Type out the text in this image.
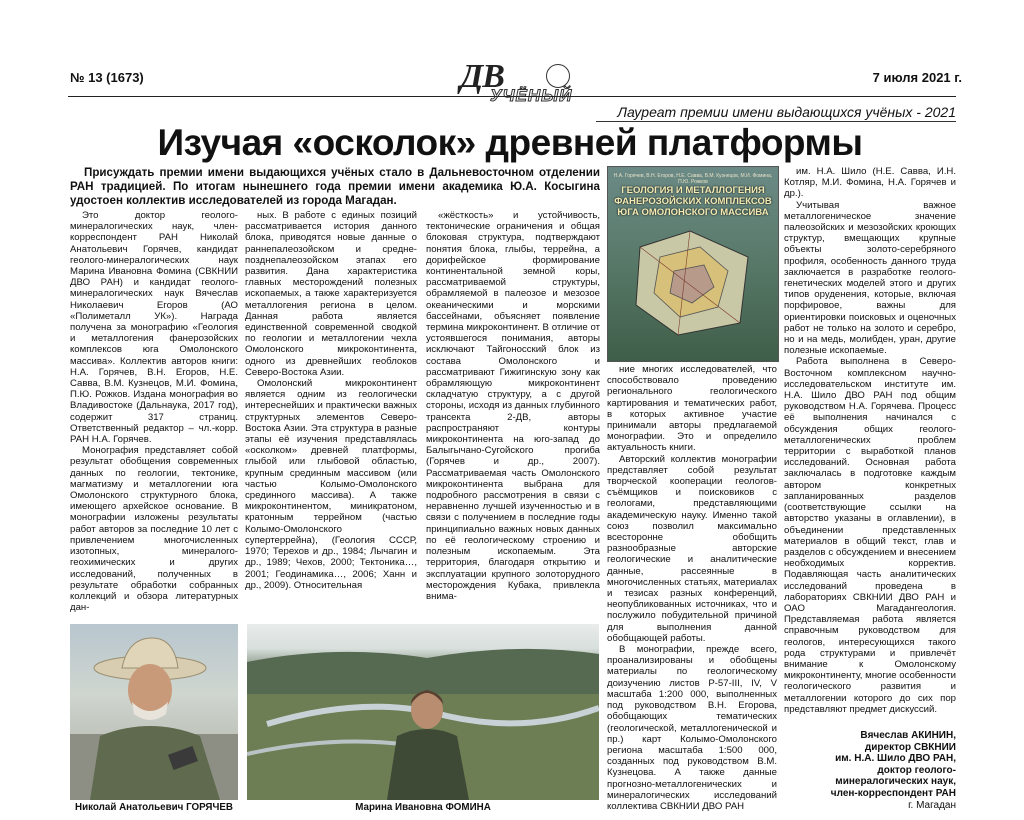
№ 13 (1673)	ДВ
УЧЁНЫЙ
7 июля 2021 г.
Лауреат премии имени выдающихся учёных - 2021
Изучая «осколок» древней платформы
Присуждать премии имени выдающихся учёных стало в Дальневосточном отделении РАН традицией. По итогам нынешнего года премии имени академика Ю.А. Косыгина удостоен коллектив исследователей из города Магадан.

Это доктор геолого-минералогических наук, член-корреспондент РАН Николай Анатольевич Горячев, кандидат геолого-минералогических наук Марина Ивановна Фомина (СВКНИИ ДВО РАН) и кандидат геолого-минералогических наук Вячеслав Николаевич Егоров (АО «Полиметалл УК»). Награда получена за монографию «Геология и металлогения фанерозойских комплексов юга Омолонского массива». Коллектив авторов книги: Н.А. Горячев, В.Н. Егоров, Н.Е. Савва, В.М. Кузнецов, М.И. Фомина, П.Ю. Рожков. Издана монография во Владивостоке (Дальнаука, 2017 год), содержит 317 страниц. Ответственный редактор – чл.-корр. РАН Н.А. Горячев.

Монография представляет собой результат обобщения современных данных по геологии, тектонике, магматизму и металлогении юга Омолонского структурного блока, имеющего архейское основание. В монографии изложены результаты работ авторов за последние 10 лет с привлечением многочисленных изотопных, минералого-геохимических и других исследований, полученных в результате обработки собранных коллекций и обзора литературных дан-

ных. В работе с единых позиций рассматривается история данного блока, приводятся новые данные о раннепалеозойском и средне-позднепалеозойском этапах его развития. Дана характеристика главных месторождений полезных ископаемых, а также характеризуется металлогения региона в целом. Данная работа является единственной современной сводкой по геологии и металлогении чехла Омолонского микроконтинента, одного из древнейших геоблоков Северо-Востока Азии.

Омолонский микроконтинент является одним из геологически интереснейших и практически важных структурных элементов Северо-Востока Азии. Эта структура в разные этапы её изучения представлялась «осколком» древней платформы, глыбой или глыбовой областью, крупным срединным массивом (или частью Колымо-Омолонского срединного массива). А также микроконтинентом, миникратоном, кратонным террейном (частью Колымо-Омолонского супертеррейна), (Геология СССР, 1970; Терехов и др., 1984; Лычагин и др., 1989; Чехов, 2000; Тектоника…, 2001; Геодинамика…, 2006; Ханн и др., 2009). Относительная

«жёсткость» и устойчивость, тектонические ограничения и общая блоковая структура, подтверждают понятия блока, глыбы, террейна, а дорифейское формирование континентальной земной коры, рассматриваемой структуры, обрамляемой в палеозое и мезозое океаническими и морскими бассейнами, объясняет появление термина микроконтинент. В отличие от устоявшегося понимания, авторы исключают Тайгоносский блок из состава Омолонского и рассматривают Гижигинскую зону как обрамляющую микроконтинент складчатую структуру, а с другой стороны, исходя из данных глубинного трансекта 2-ДВ, авторы распространяют контуры микроконтинента на юго-запад до Балыгычано-Сугойского прогиба (Горячев и др., 2007). Рассматриваемая часть Омолонского микроконтинента выбрана для подробного рассмотрения в связи с неравненно лучшей изученностью и в связи с получением в последние годы принципиально важных новых данных по её геологическому строению и полезным ископаемым. Эта территория, благодаря открытию и эксплуатации крупного золоторудного месторождения Кубака, привлекла внима-

Н.А. Горячев, В.Н. Егоров, Н.Е. Савва, В.М. Кузнецов, М.И. Фомина, П.Ю. Рожков
ГЕОЛОГИЯ И МЕТАЛЛОГЕНИЯ ФАНЕРОЗОЙСКИХ КОМПЛЕКСОВ ЮГА ОМОЛОНСКОГО МАССИВА

ние многих исследователей, что способствовало проведению регионального геологического картирования и тематических работ, в которых активное участие принимали авторы предлагаемой монографии. Это и определило актуальность книги.

Авторский коллектив монографии представляет собой результат творческой кооперации геологов-съёмщиков и поисковиков с геологами, представляющими академическую науку. Именно такой союз позволил максимально всесторонне обобщить разнообразные авторские геологические и аналитические данные, рассеянные в многочисленных статьях, материалах и тезисах разных конференций, неопубликованных источниках, что и послужило побудительной причиной для выполнения данной обобщающей работы.

В монографии, прежде всего, проанализированы и обобщены материалы по геологическому доизучению листов Р-57-III, IV, V масштаба 1:200 000, выполненных под руководством В.Н. Егорова, обобщающих тематических (геологической, металлогенической и пр.) карт Колымо-Омолонского региона масштаба 1:500 000, созданных под руководством В.М. Кузнецова. А также данные прогнозно-металлогенических и минералогических исследований коллектива СВКНИИ ДВО РАН

им. Н.А. Шило (Н.Е. Савва, И.Н. Котляр, М.И. Фомина, Н.А. Горячев и др.).

Учитывая важное металлогеническое значение палеозойских и мезозойских кроющих структур, вмещающих крупные объекты золото-серебряного профиля, особенность данного труда заключается в разработке геолого-генетических моделей этого и других типов оруденения, которые, включая порфировое, важны для ориентировки поисковых и оценочных работ не только на золото и серебро, но и на медь, молибден, уран, другие полезные ископаемые.

Работа выполнена в Северо-Восточном комплексном научно-исследовательском институте им. Н.А. Шило ДВО РАН под общим руководством Н.А. Горячева. Процесс её выполнения начинался с обсуждения общих геолого-металлогенических проблем территории с выработкой планов исследований. Основная работа заключалась в подготовке каждым автором конкретных запланированных разделов (соответствующие ссылки на авторство указаны в оглавлении), в объединении представленных материалов в общий текст, глав и разделов с обсуждением и внесением необходимых корректив. Подавляющая часть аналитических исследований проведена в лабораториях СВКНИИ ДВО РАН и ОАО Магадангеология. Представляемая работа является справочным руководством для геологов, интересующихся такого рода структурами и привлечёт внимание к Омолонскому микроконтиненту, многие особенности геологического развития и металлогении которого до сих пор представляют предмет дискуссий.

Вячеслав АКИНИН,
директор СВКНИИ
им. Н.А. Шило ДВО РАН,
доктор геолого-
минералогических наук,
член-корреспондент РАН
г. Магадан
Николай Анатольевич ГОРЯЧЕВ	Марина Ивановна ФОМИНА
